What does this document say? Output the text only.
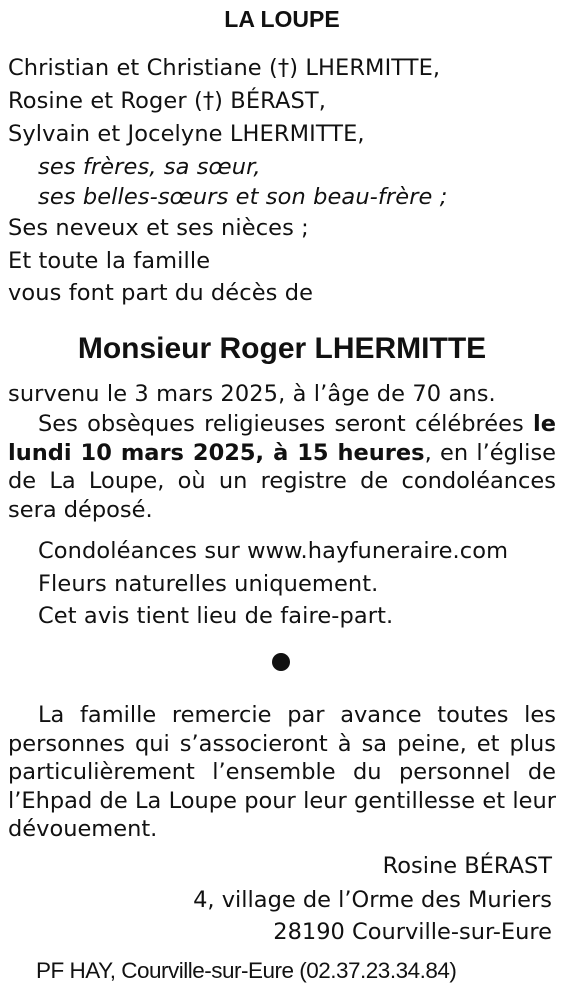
LA LOUPE
Christian et Christiane (†) LHERMITTE,
Rosine et Roger (†) BÉRAST,
Sylvain et Jocelyne LHERMITTE,
ses frères, sa sœur,
ses belles-sœurs et son beau-frère ;
Ses neveux et ses nièces ;
Et toute la famille
vous font part du décès de
Monsieur Roger LHERMITTE
survenu le 3 mars 2025, à l’âge de 70 ans.
Ses obsèques religieuses seront célébrées le lundi 10 mars 2025, à 15 heures, en l’église de La Loupe, où un registre de condoléances sera déposé.
Condoléances sur www.hayfuneraire.com
Fleurs naturelles uniquement.
Cet avis tient lieu de faire-part.
La famille remercie par avance toutes les personnes qui s’associeront à sa peine, et plus particulièrement l’ensemble du personnel de l’Ehpad de La Loupe pour leur gentillesse et leur dévouement.
Rosine BÉRAST
4, village de l’Orme des Muriers
28190 Courville-sur-Eure
PF HAY, Courville-sur-Eure (02.37.23.34.84)
